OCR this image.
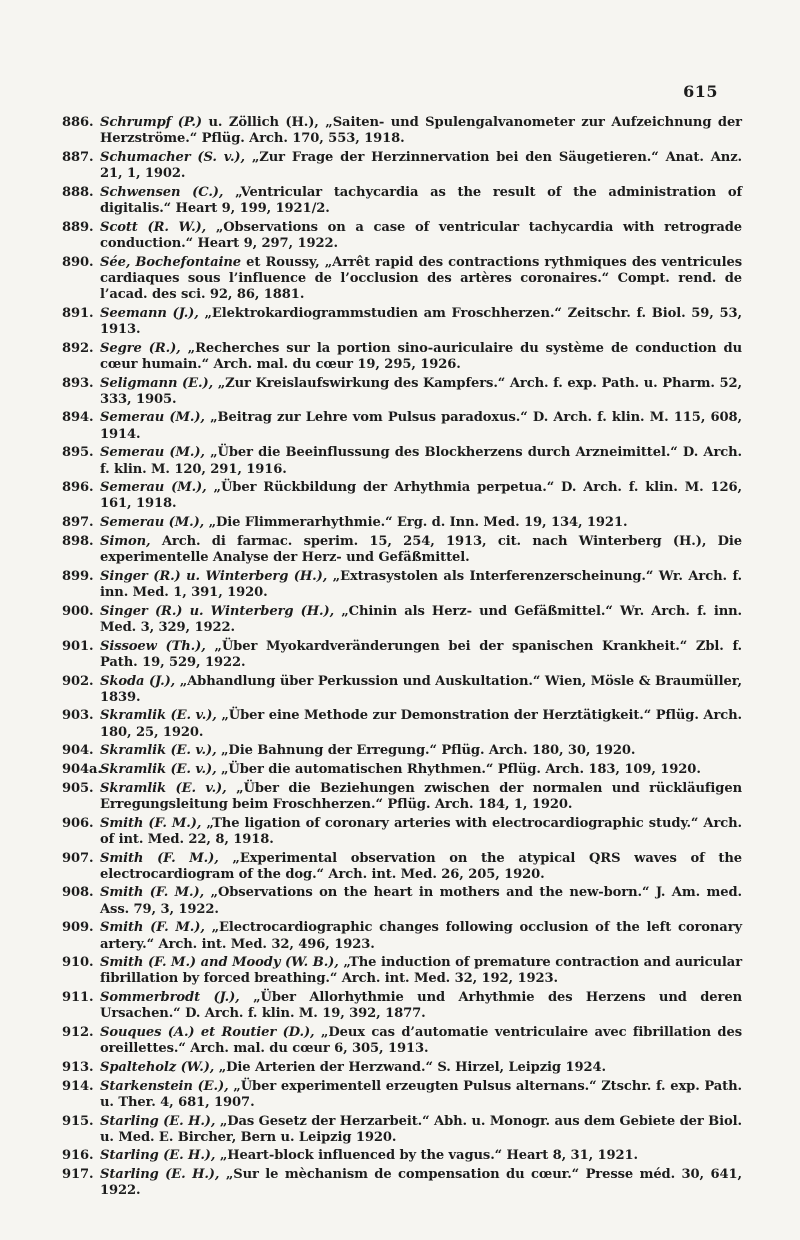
615
886. Schrumpf (P.) u. Zöllich (H.), „Saiten- und Spulengalvanometer zur Aufzeichnung der Herzströme.“ Pflüg. Arch. 170, 553, 1918.
887. Schumacher (S. v.), „Zur Frage der Herzinnervation bei den Säugetieren.“ Anat. Anz. 21, 1, 1902.
888. Schwensen (C.), „Ventricular tachycardia as the result of the administration of digitalis.“ Heart 9, 199, 1921/2.
889. Scott (R. W.), „Observations on a case of ventricular tachycardia with retrograde conduction.“ Heart 9, 297, 1922.
890. Sée, Bochefontaine et Roussy, „Arrêt rapid des contractions rythmiques des ventricules cardiaques sous l’influence de l’occlusion des artères coronaires.“ Compt. rend. de l’acad. des sci. 92, 86, 1881.
891. Seemann (J.), „Elektrokardiogrammstudien am Froschherzen.“ Zeitschr. f. Biol. 59, 53, 1913.
892. Segre (R.), „Recherches sur la portion sino-auriculaire du système de conduction du cœur humain.“ Arch. mal. du cœur 19, 295, 1926.
893. Seligmann (E.), „Zur Kreislaufswirkung des Kampfers.“ Arch. f. exp. Path. u. Pharm. 52, 333, 1905.
894. Semerau (M.), „Beitrag zur Lehre vom Pulsus paradoxus.“ D. Arch. f. klin. M. 115, 608, 1914.
895. Semerau (M.), „Über die Beeinflussung des Blockherzens durch Arzneimittel.“ D. Arch. f. klin. M. 120, 291, 1916.
896. Semerau (M.), „Über Rückbildung der Arhythmia perpetua.“ D. Arch. f. klin. M. 126, 161, 1918.
897. Semerau (M.), „Die Flimmerarhythmie.“ Erg. d. Inn. Med. 19, 134, 1921.
898. Simon, Arch. di farmac. sperim. 15, 254, 1913, cit. nach Winterberg (H.), Die experimentelle Analyse der Herz- und Gefäßmittel.
899. Singer (R.) u. Winterberg (H.), „Extrasystolen als Interferenzerscheinung.“ Wr. Arch. f. inn. Med. 1, 391, 1920.
900. Singer (R.) u. Winterberg (H.), „Chinin als Herz- und Gefäßmittel.“ Wr. Arch. f. inn. Med. 3, 329, 1922.
901. Sissoew (Th.), „Über Myokardveränderungen bei der spanischen Krankheit.“ Zbl. f. Path. 19, 529, 1922.
902. Skoda (J.), „Abhandlung über Perkussion und Auskultation.“ Wien, Mösle & Braumüller, 1839.
903. Skramlik (E. v.), „Über eine Methode zur Demonstration der Herztätigkeit.“ Pflüg. Arch. 180, 25, 1920.
904. Skramlik (E. v.), „Die Bahnung der Erregung.“ Pflüg. Arch. 180, 30, 1920.
904a.
Skramlik (E. v.), „Über die automatischen Rhythmen.“ Pflüg. Arch. 183, 109, 1920.
905. Skramlik (E. v.), „Über die Beziehungen zwischen der normalen und rückläufigen Erregungsleitung beim Froschherzen.“ Pflüg. Arch. 184, 1, 1920.
906. Smith (F. M.), „The ligation of coronary arteries with electrocardiographic study.“ Arch. of int. Med. 22, 8, 1918.
907. Smith (F. M.), „Experimental observation on the atypical QRS waves of the electrocardiogram of the dog.“ Arch. int. Med. 26, 205, 1920.
908. Smith (F. M.), „Observations on the heart in mothers and the new-born.“ J. Am. med. Ass. 79, 3, 1922.
909. Smith (F. M.), „Electrocardiographic changes following occlusion of the left coronary artery.“ Arch. int. Med. 32, 496, 1923.
910. Smith (F. M.) and Moody (W. B.), „The induction of premature contraction and auricular fibrillation by forced breathing.“ Arch. int. Med. 32, 192, 1923.
911. Sommerbrodt (J.), „Über Allorhythmie und Arhythmie des Herzens und deren Ursachen.“ D. Arch. f. klin. M. 19, 392, 1877.
912. Souques (A.) et Routier (D.), „Deux cas d’automatie ventriculaire avec fibrillation des oreillettes.“ Arch. mal. du cœur 6, 305, 1913.
913. Spalteholz (W.), „Die Arterien der Herzwand.“ S. Hirzel, Leipzig 1924.
914. Starkenstein (E.), „Über experimentell erzeugten Pulsus alternans.“ Ztschr. f. exp. Path. u. Ther. 4, 681, 1907.
915. Starling (E. H.), „Das Gesetz der Herzarbeit.“ Abh. u. Monogr. aus dem Gebiete der Biol. u. Med. E. Bircher, Bern u. Leipzig 1920.
916. Starling (E. H.), „Heart-block influenced by the vagus.“ Heart 8, 31, 1921.
917. Starling (E. H.), „Sur le mèchanism de compensation du cœur.“ Presse méd. 30, 641, 1922.
